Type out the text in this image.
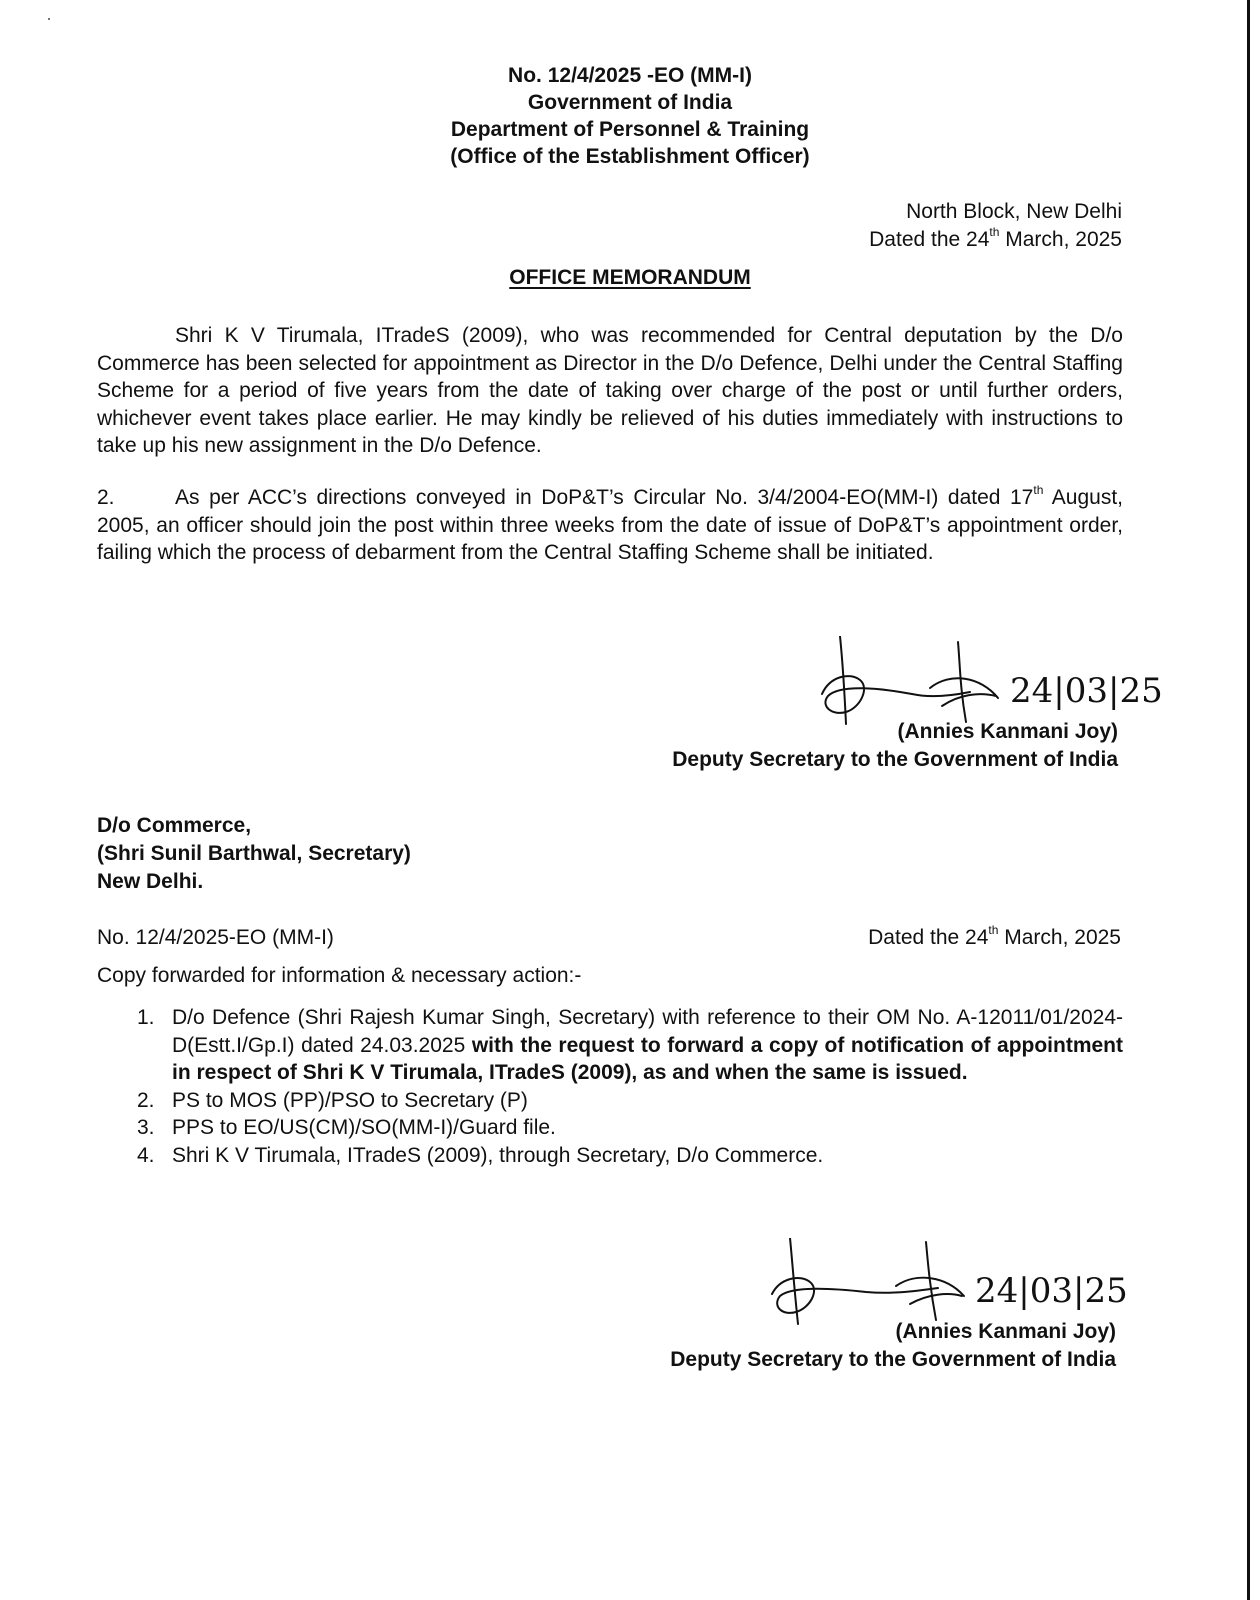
No. 12/4/2025 -EO (MM-I)
Government of India
Department of Personnel & Training
(Office of the Establishment Officer)
North Block, New Delhi
Dated the 24th March, 2025
OFFICE MEMORANDUM
Shri K V Tirumala, ITradeS (2009), who was recommended for Central deputation by the D/o Commerce has been selected for appointment as Director in the D/o Defence, Delhi under the Central Staffing Scheme for a period of five years from the date of taking over charge of the post or until further orders, whichever event takes place earlier. He may kindly be relieved of his duties immediately with instructions to take up his new assignment in the D/o Defence.
2.	As per ACC’s directions conveyed in DoP&T’s Circular No. 3/4/2004-EO(MM-I) dated 17th August, 2005, an officer should join the post within three weeks from the date of issue of DoP&T’s appointment order, failing which the process of debarment from the Central Staffing Scheme shall be initiated.
24|03|25
(Annies Kanmani Joy)
Deputy Secretary to the Government of India
D/o Commerce,
(Shri Sunil Barthwal, Secretary)
New Delhi.
No. 12/4/2025-EO (MM-I)	Dated the 24th March, 2025
Copy forwarded for information & necessary action:-
1. D/o Defence (Shri Rajesh Kumar Singh, Secretary) with reference to their OM No. A-12011/01/2024-D(Estt.I/Gp.I) dated 24.03.2025 with the request to forward a copy of notification of appointment in respect of Shri K V Tirumala, ITradeS (2009), as and when the same is issued.
2. PS to MOS (PP)/PSO to Secretary (P)
3. PPS to EO/US(CM)/SO(MM-I)/Guard file.
4. Shri K V Tirumala, ITradeS (2009), through Secretary, D/o Commerce.
24|03|25
(Annies Kanmani Joy)
Deputy Secretary to the Government of India
